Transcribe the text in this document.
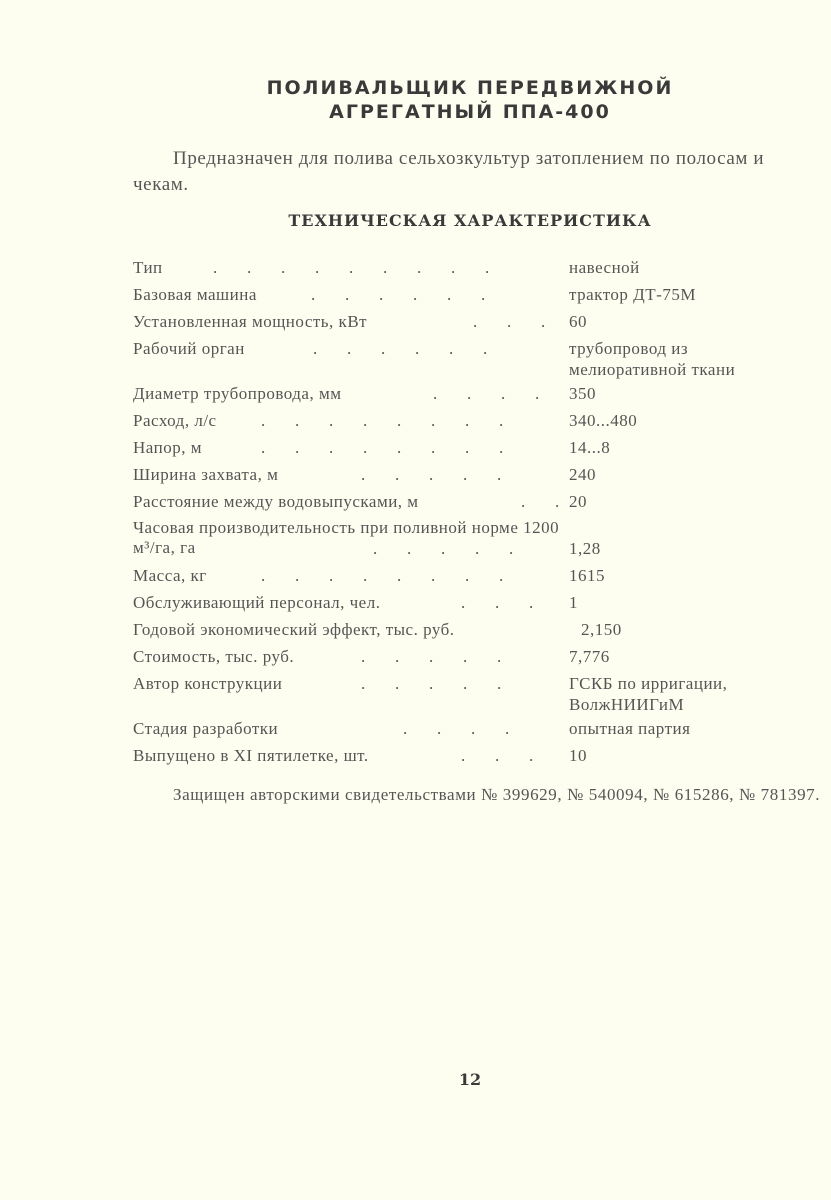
ПОЛИВАЛЬЩИК ПЕРЕДВИЖНОЙ
АГРЕГАТНЫЙ ППА-400
Предназначен для полива сельхозкультур затоплением по полосам и чекам.
ТЕХНИЧЕСКАЯ ХАРАКТЕРИСТИКА
Тип	.       .       .       .       .       .       .       .       .	навесной
Базовая машина	.       .       .       .       .       .	трактор ДТ-75М
Установленная мощность, кВт	.       .       .	60
Рабочий орган	.       .       .       .       .       .	трубопровод из мелиоративной ткани
Диаметр трубопровода, мм	.       .       .       .	350
Расход, л/с	.       .       .       .       .       .       .       .	340...480
Напор, м	.       .       .       .       .       .       .       .	14...8
Ширина захвата, м	.       .       .       .       .	240
Расстояние между водовыпусками, м	.       . 20
Часовая производительность при поливной норме 1200 м³/га, га	.       .       .       .       .	1,28
Масса, кг	.       .       .       .       .       .       .       .	1615
Обслуживающий персонал, чел.	.       .       .	1
Годовой экономический эффект, тыс. руб.	2,150
Стоимость, тыс. руб.	.       .       .       .       .	7,776
Автор конструкции	.       .       .       .       .	ГСКБ по ирригации, ВолжНИИГиМ
Стадия разработки	.       .       .       .	опытная партия
Выпущено в XI пятилетке, шт.	.       .       .	10
Защищен авторскими свидетельствами № 399629, № 540094, № 615286, № 781397.
12
